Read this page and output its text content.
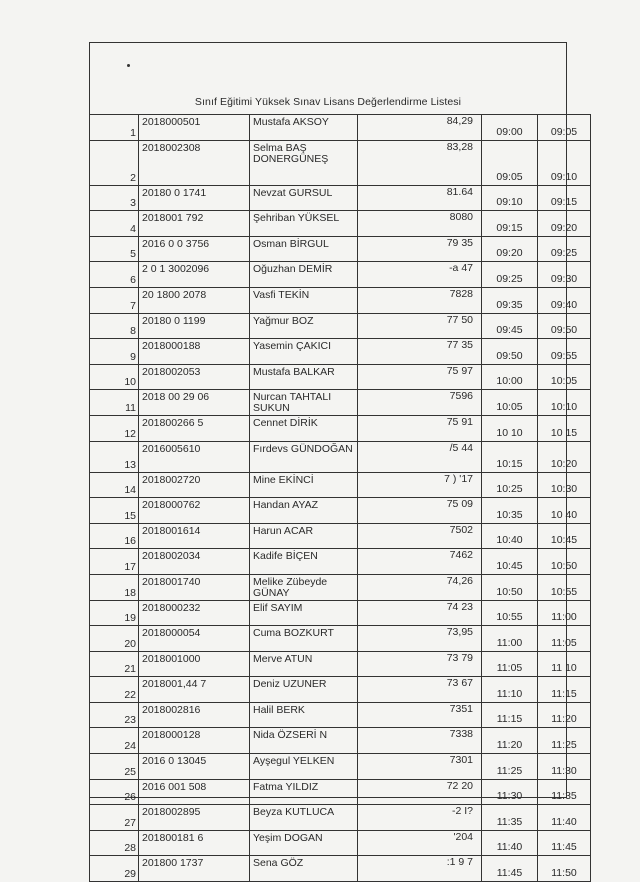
Sınıf Eğitimi Yüksek Sınav Lisans Değerlendirme Listesi
1	2018000501	Mustafa AKSOY	84,29	09:00	09:05
2	2018002308	Selma BAŞ DONERGÜNEŞ	83,28	09:05	09:10
3	20180 0 1741	Nevzat GURSUL	81.64	09:10	09:15
4	2018001 792	Şehriban YÜKSEL	8080	09:15	09:20
5	2016 0 0 3756	Osman BİRGUL	79 35	09:20	09:25
6	2 0 1 3002096	Oğuzhan DEMİR	-a 47	09:25	09:30
7	20 1800 2078	Vasfi TEKİN	7828	09:35	09:40
8	20180 0 1199	Yağmur BOZ	77 50	09:45	09:50
9	2018000188	Yasemin ÇAKICI	77 35	09:50	09:55
10	2018002053	Mustafa BALKAR	75 97	10:00	10:05
11	2018 00 29 06	Nurcan TAHTALI SUKUN	7596	10:05	10:10
12	201800266 5	Cennet DİRİK	75 91	10 10	10 15
13	2016005610	Fırdevs GÜNDOĞAN	/5 44	10:15	10:20
14	2018002720	Mine EKİNCİ	7 ) '17	10:25	10:30
15	2018000762	Handan AYAZ	75 09	10:35	10 40
16	2018001614	Harun ACAR	7502	10:40	10:45
17	2018002034	Kadife BİÇEN	7462	10:45	10:50
18	2018001740	Melike Zübeyde GÜNAY	74,26	10:50	10:55
19	2018000232	Elif SAYIM	74 23	10:55	11:00
20	2018000054	Cuma BOZKURT	73,95	11:00	11:05
21	2018001000	Merve ATUN	73 79	11:05	11 10
22	2018001,44 7	Deniz UZUNER	73 67	11:10	11:15
23	2018002816	Halil BERK	7351	11:15	11:20
24	2018000128	Nida ÖZSERİ N	7338	11:20	11:25
25	2016 0 13045	Ayşegul YELKEN	7301	11:25	11:30
26	2016 001 508	Fatma YILDIZ	72 20	11:30	11:35
27	2018002895	Beyza KUTLUCA	-2 I?	11:35	11:40
28	201800181 6	Yeşim DOGAN	'204	11:40	11:45
29	201800 1737	Sena GÖZ	:1 9 7	11:45	11:50
